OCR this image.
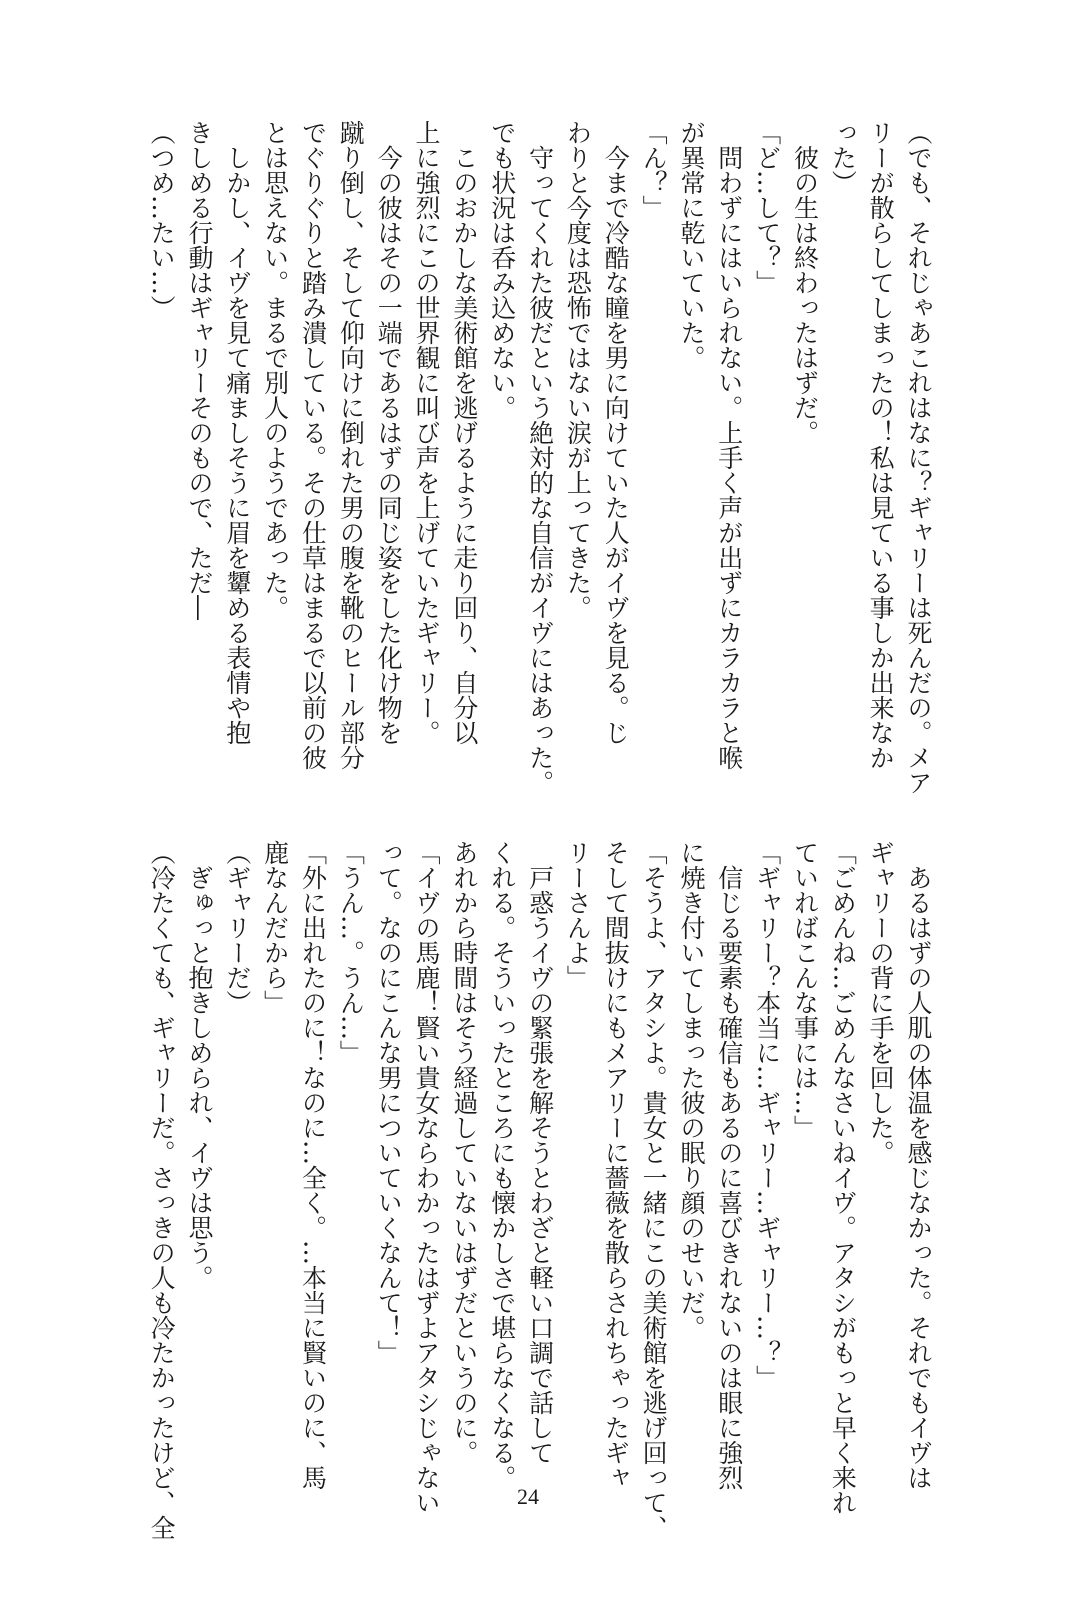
（でも、それじゃあこれはなに？ギャリーは死んだの。メア
リーが散らしてしまったの！私は見ている事しか出来なか
った）
　彼の生は終わったはずだ。
「ど…して？」
　問わずにはいられない。上手く声が出ずにカラカラと喉
が異常に乾いていた。
「ん？」
　今まで冷酷な瞳を男に向けていた人がイヴを見る。じ
わりと今度は恐怖ではない涙が上ってきた。
　守ってくれた彼だという絶対的な自信がイヴにはあった。
でも状況は呑み込めない。
　このおかしな美術館を逃げるように走り回り、自分以
上に強烈にこの世界観に叫び声を上げていたギャリー。
　今の彼はその一端であるはずの同じ姿をした化け物を
蹴り倒し、そして仰向けに倒れた男の腹を靴のヒール部分
でぐりぐりと踏み潰している。その仕草はまるで以前の彼
とは思えない。まるで別人のようであった。
　しかし、イヴを見て痛ましそうに眉を顰める表情や抱
きしめる行動はギャリーそのもので、ただ―
（つめ…たい…）
　あるはずの人肌の体温を感じなかった。それでもイヴは
ギャリーの背に手を回した。
「ごめんね…ごめんなさいねイヴ。アタシがもっと早く来れ
ていればこんな事には…」
「ギャリー？本当に…ギャリー…ギャリー…？」
　信じる要素も確信もあるのに喜びきれないのは眼に強烈
に焼き付いてしまった彼の眠り顔のせいだ。
「そうよ、アタシよ。貴女と一緒にこの美術館を逃げ回って、
そして間抜けにもメアリーに薔薇を散らされちゃったギャ
リーさんよ」
　戸惑うイヴの緊張を解そうとわざと軽い口調で話して
くれる。そういったところにも懐かしさで堪らなくなる。
あれから時間はそう経過していないはずだというのに。
「イヴの馬鹿！賢い貴女ならわかったはずよアタシじゃない
って。なのにこんな男についていくなんて！」
「うん…。うん…」
「外に出れたのに！なのに…全く。…本当に賢いのに、馬
鹿なんだから」
（ギャリーだ）
　ぎゅっと抱きしめられ、イヴは思う。
（冷たくても、ギャリーだ。さっきの人も冷たかったけど、全	24
